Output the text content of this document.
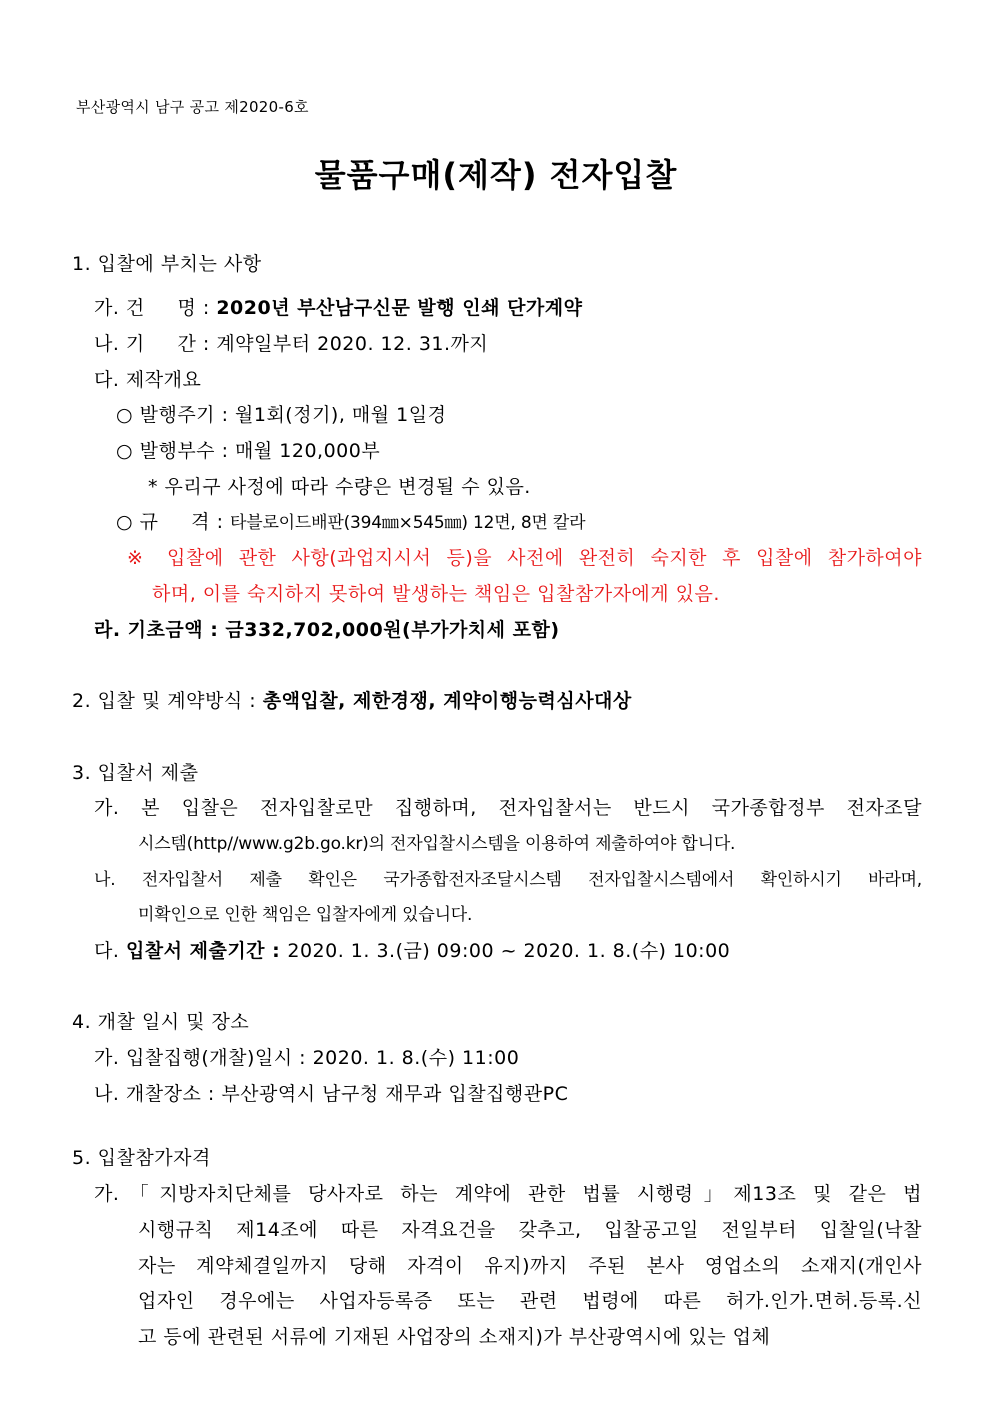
부산광역시 남구 공고 제2020-6호
물품구매(제작) 전자입찰
1. 입찰에 부치는 사항
가. 건     명 : 2020년 부산남구신문 발행 인쇄 단가계약
나. 기     간 : 계약일부터 2020. 12. 31.까지
다. 제작개요
○ 발행주기 : 월1회(정기), 매월 1일경
○ 발행부수 : 매월 120,000부
* 우리구 사정에 따라 수량은 변경될 수 있음.
○ 규     격 : 타블로이드배판(394㎜×545㎜) 12면, 8면 칼라
※ 입찰에 관한 사항(과업지시서 등)을 사전에 완전히 숙지한 후 입찰에 참가하여야
하며, 이를 숙지하지 못하여 발생하는 책임은 입찰참가자에게 있음.
라. 기초금액 : 금332,702,000원(부가가치세 포함)
2. 입찰 및 계약방식 : 총액입찰, 제한경쟁, 계약이행능력심사대상
3. 입찰서 제출
가. 본 입찰은 전자입찰로만 집행하며, 전자입찰서는 반드시 국가종합정부 전자조달
시스템(http//www.g2b.go.kr)의 전자입찰시스템을 이용하여 제출하여야 합니다.
나. 전자입찰서 제출 확인은 국가종합전자조달시스템 전자입찰시스템에서 확인하시기 바라며,
미확인으로 인한 책임은 입찰자에게 있습니다.
다. 입찰서 제출기간 : 2020. 1. 3.(금) 09:00 ~ 2020. 1. 8.(수) 10:00
4. 개찰 일시 및 장소
가. 입찰집행(개찰)일시 : 2020. 1. 8.(수) 11:00
나. 개찰장소 : 부산광역시 남구청 재무과 입찰집행관PC
5. 입찰참가자격
가.「지방자치단체를 당사자로 하는 계약에 관한 법률 시행령」제13조 및 같은 법
시행규칙 제14조에 따른 자격요건을 갖추고, 입찰공고일 전일부터 입찰일(낙찰
자는 계약체결일까지 당해 자격이 유지)까지 주된 본사 영업소의 소재지(개인사
업자인 경우에는 사업자등록증 또는 관련 법령에 따른 허가.인가.면허.등록.신
고 등에 관련된 서류에 기재된 사업장의 소재지)가 부산광역시에 있는 업체
